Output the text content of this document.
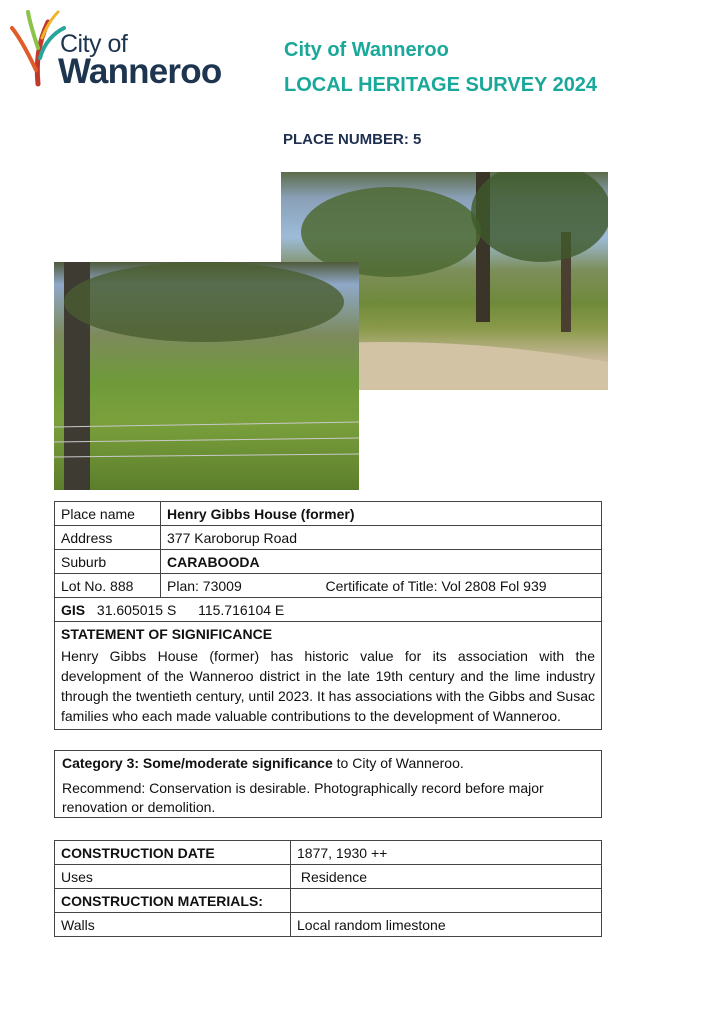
City of
Wanneroo
City of Wanneroo
LOCAL HERITAGE SURVEY 2024
PLACE NUMBER: 5
Place name	Henry Gibbs House (former)
Address	377 Karoborup Road
Suburb	CARABOODA
Lot No. 888	Plan: 73009 Certificate of Title: Vol 2808 Fol 939
GIS 31.605015 S 115.716104 E	

STATEMENT OF SIGNIFICANCE
Henry Gibbs House (former) has historic value for its association with the development of the Wanneroo district in the late 19th century and the lime industry through the twentieth century, until 2023. It has associations with the Gibbs and Susac families who each made valuable contributions to the development of Wanneroo.	
Category 3: Some/moderate significance to City of Wanneroo.
Recommend: Conservation is desirable. Photographically record before major renovation or demolition.
CONSTRUCTION DATE	1877, 1930 ++
Uses	Residence
CONSTRUCTION MATERIALS:	
Walls	Local random limestone
